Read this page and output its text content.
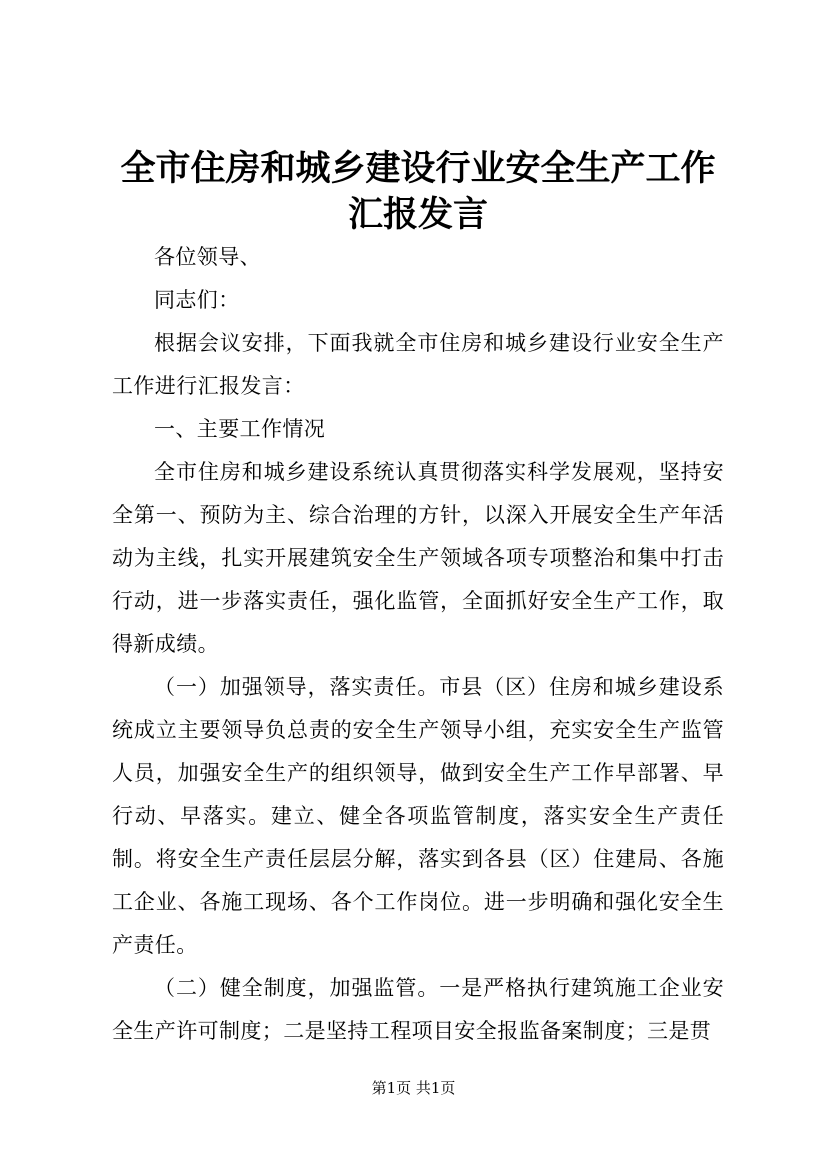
全市住房和城乡建设行业安全生产工作汇报发言

各位领导、

同志们：

根据会议安排，下面我就全市住房和城乡建设行业安全生产工作进行汇报发言：

一、主要工作情况

全市住房和城乡建设系统认真贯彻落实科学发展观，坚持安全第一、预防为主、综合治理的方针，以深入开展安全生产年活动为主线，扎实开展建筑安全生产领域各项专项整治和集中打击行动，进一步落实责任，强化监管，全面抓好安全生产工作，取得新成绩。

（一）加强领导，落实责任。市县（区）住房和城乡建设系统成立主要领导负总责的安全生产领导小组，充实安全生产监管人员，加强安全生产的组织领导，做到安全生产工作早部署、早行动、早落实。建立、健全各项监管制度，落实安全生产责任制。将安全生产责任层层分解，落实到各县（区）住建局、各施工企业、各施工现场、各个工作岗位。进一步明确和强化安全生产责任。

（二）健全制度，加强监管。一是严格执行建筑施工企业安全生产许可制度；二是坚持工程项目安全报监备案制度；三是贯

第1页 共1页
